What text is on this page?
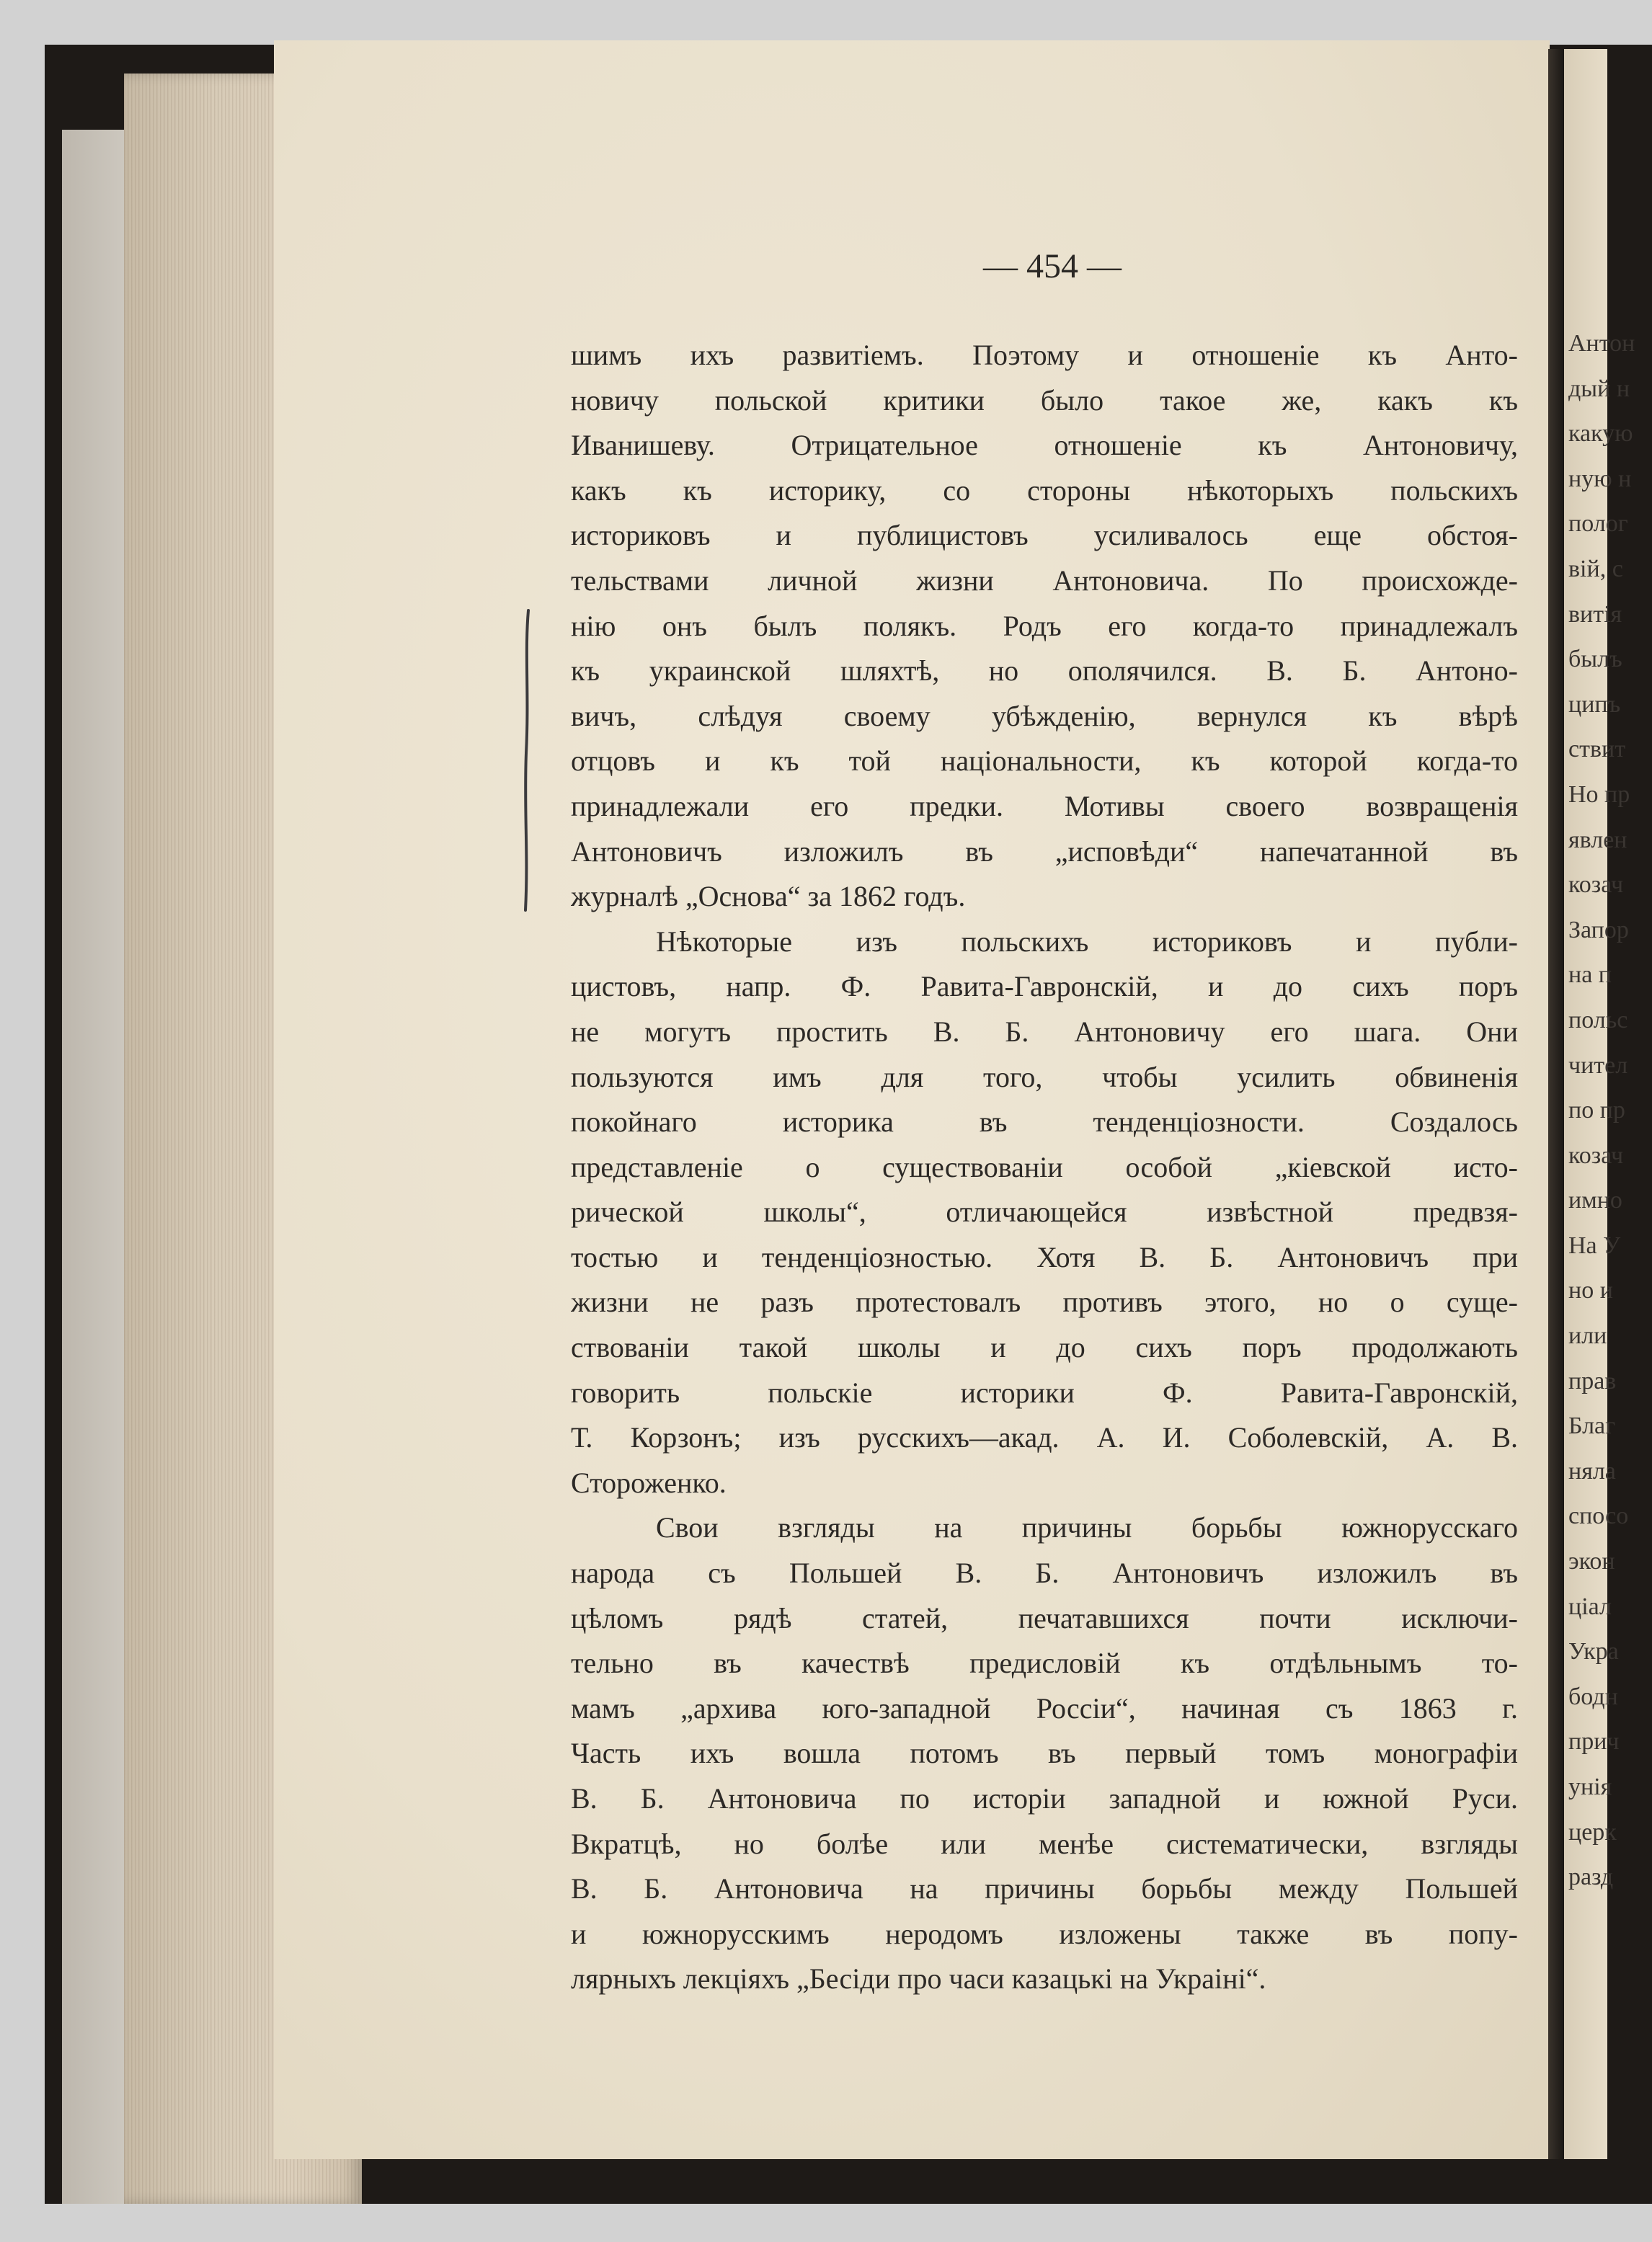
— 454 —
шимъ ихъ развитіемъ. Поэтому и отношеніе къ Анто-
новичу польской критики было такое же, какъ къ
Иванишеву. Отрицательное отношеніе къ Антоновичу,
какъ къ историку, со стороны нѣкоторыхъ польскихъ
историковъ и публицистовъ усиливалось еще обстоя-
тельствами личной жизни Антоновича. По происхожде-
нію онъ былъ полякъ. Родъ его когда-то принадлежалъ
къ украинской шляхтѣ, но ополячился. В. Б. Антоно-
вичъ, слѣдуя своему убѣжденію, вернулся къ вѣрѣ
отцовъ и къ той національности, къ которой когда-то
принадлежали его предки. Мотивы своего возвращенія
Антоновичъ изложилъ въ „исповѣди“ напечатанной въ
журналѣ „Основа“ за 1862 годъ.
Нѣкоторые изъ польскихъ историковъ и публи-
цистовъ, напр. Ф. Равита-Гавронскій, и до сихъ поръ
не могутъ простить В. Б. Антоновичу его шага. Они
пользуются имъ для того, чтобы усилить обвиненія
покойнаго историка въ тенденціозности. Создалось
представленіе о существованіи особой „кіевской исто-
рической школы“, отличающейся извѣстной предвзя-
тостью и тенденціозностью. Хотя В. Б. Антоновичъ при
жизни не разъ протестовалъ противъ этого, но о суще-
ствованіи такой школы и до сихъ поръ продолжають
говорить польскіе историки Ф. Равита-Гавронскій,
Т. Корзонъ; изъ русскихъ—акад. А. И. Соболевскій, А. В.
Стороженко.
Свои взгляды на причины борьбы южнорусскаго
народа съ Польшей В. Б. Антоновичъ изложилъ въ
цѣломъ рядѣ статей, печатавшихся почти исключи-
тельно въ качествѣ предисловій къ отдѣльнымъ то-
мамъ „архива юго-западной Россіи“, начиная съ 1863 г.
Часть ихъ вошла потомъ въ первый томъ монографіи
В. Б. Антоновича по исторіи западной и южной Руси.
Вкратцѣ, но болѣе или менѣе систематически, взгляды
В. Б. Антоновича на причины борьбы между Польшей
и южнорусскимъ неродомъ изложены также въ попу-
лярныхъ лекціяхъ „Бесіди про часи казацькі на Украіні“.
Антон
дый н
какую
ную н
полог
вій, с
витія
былъ
ципъ
ствит
Но пр
явлен
козач
Запор
на п
польс
чител
по пр
козач
имно
На У
но и
или
прав
Благ
няла
спосо
экон
ціал
Укра
бодн
прич
унія
церк
разд
